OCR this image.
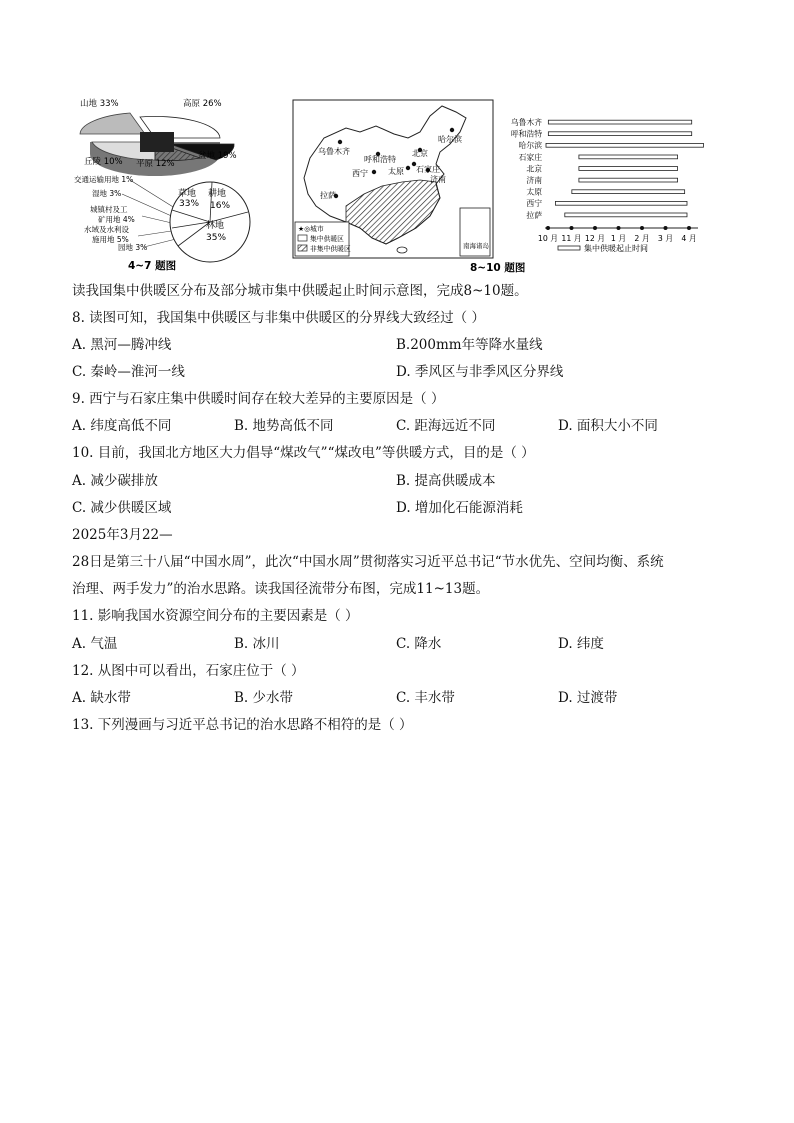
山地 33%	高原 26%
丘陵 10% 平原 12%
盆地 19%
交通运输用地 1%
湿地 3%
城镇村及工
矿用地 4%
水域及水利设
施用地 5%
园地 3%
草地
33%
耕地
16%
林地
35%
4~7 题图
乌鲁木齐
呼和浩特
哈尔滨
北京
西宁	太原 石家庄
济南
拉萨
★◎城市
集中供暖区
非集中供暖区	南海诸岛
8~10 题图
乌鲁木齐
呼和浩特
哈尔滨
石家庄
北京
济南
太原
西宁
拉萨
10 月 11 月 12 月 1 月 2 月 3 月 4 月
集中供暖起止时间
读我国集中供暖区分布及部分城市集中供暖起止时间示意图，完成8~10题。
8. 读图可知，我国集中供暖区与非集中供暖区的分界线大致经过（ ）
A. 黑河—腾冲线	B.200mm年等降水量线
C. 秦岭—淮河一线	D. 季风区与非季风区分界线
9. 西宁与石家庄集中供暖时间存在较大差异的主要原因是（ ）
A. 纬度高低不同	B. 地势高低不同	C. 距海远近不同	D. 面积大小不同
10. 目前，我国北方地区大力倡导“煤改气”“煤改电”等供暖方式，目的是（ ）
A. 减少碳排放	B. 提高供暖成本
C. 减少供暖区域	D. 增加化石能源消耗
2025年3月22—
28日是第三十八届“中国水周”，此次“中国水周”贯彻落实习近平总书记“节水优先、空间均衡、系统
治理、两手发力”的治水思路。读我国径流带分布图，完成11~13题。
11. 影响我国水资源空间分布的主要因素是（ ）
A. 气温	B. 冰川	C. 降水	D. 纬度
12. 从图中可以看出，石家庄位于（ ）
A. 缺水带	B. 少水带	C. 丰水带	D. 过渡带
13. 下列漫画与习近平总书记的治水思路不相符的是（ ）
